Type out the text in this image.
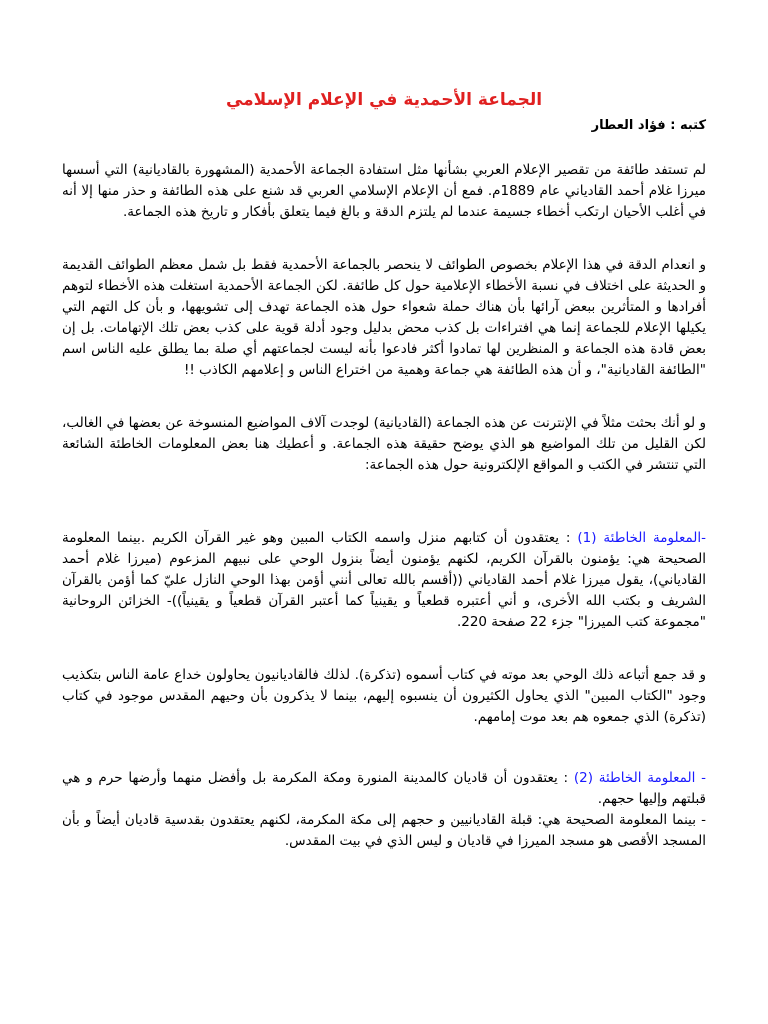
الجماعة الأحمدية في الإعلام الإسلامي
كتبه : فؤاد العطار

لم تستفد طائفة من تقصير الإعلام العربي بشأنها مثل استفادة الجماعة الأحمدية (المشهورة بالقاديانية) التي أسسها ميرزا غلام أحمد القادياني عام 1889م. فمع أن الإعلام الإسلامي العربي قد شنع على هذه الطائفة و حذر منها إلا أنه في أغلب الأحيان ارتكب أخطاء جسيمة عندما لم يلتزم الدقة و بالغ فيما يتعلق بأفكار و تاريخ هذه الجماعة.

و انعدام الدقة في هذا الإعلام بخصوص الطوائف لا ينحصر بالجماعة الأحمدية فقط بل شمل معظم الطوائف القديمة و الحديثة على اختلاف في نسبة الأخطاء الإعلامية حول كل طائفة. لكن الجماعة الأحمدية استغلت هذه الأخطاء لتوهم أفرادها و المتأثرين ببعض آرائها بأن هناك حملة شعواء حول هذه الجماعة تهدف إلى تشويهها، و بأن كل التهم التي يكيلها الإعلام للجماعة إنما هي افتراءات بل كذب محض بدليل وجود أدلة قوية على كذب بعض تلك الإتهامات. بل إن بعض قادة هذه الجماعة و المنظرين لها تمادوا أكثر فادعوا بأنه ليست لجماعتهم أي صلة بما يطلق عليه الناس اسم "الطائفة القاديانية"، و أن هذه الطائفة هي جماعة وهمية من اختراع الناس و إعلامهم الكاذب !!

و لو أنك بحثت مثلاً في الإنترنت عن هذه الجماعة (القاديانية) لوجدت آلاف المواضيع المنسوخة عن بعضها في الغالب، لكن القليل من تلك المواضيع هو الذي يوضح حقيقة هذه الجماعة. و أعطيك هنا بعض المعلومات الخاطئة الشائعة التي تنتشر في الكتب و المواقع الإلكترونية حول هذه الجماعة:

-المعلومة الخاطئة (1) : يعتقدون أن كتابهم منزل واسمه الكتاب المبين وهو غير القرآن الكريم .بينما المعلومة الصحيحة هي: يؤمنون بالقرآن الكريم، لكنهم يؤمنون أيضاً بنزول الوحي على نبيهم المزعوم (ميرزا غلام أحمد القادياني)، يقول ميرزا غلام أحمد القادياني ((أقسم بالله تعالى أنني أؤمن بهذا الوحي النازل عليّ كما أؤمن بالقرآن الشريف و بكتب الله الأخرى، و أني أعتبره قطعياً و يقينياً كما أعتبر القرآن قطعياً و يقينياً))- الخزائن الروحانية "مجموعة كتب الميرزا" جزء 22 صفحة 220.

و قد جمع أتباعه ذلك الوحي بعد موته في كتاب أسموه (تذكرة). لذلك فالقاديانيون يحاولون خداع عامة الناس بتكذيب وجود "الكتاب المبين" الذي يحاول الكثيرون أن ينسبوه إليهم، بينما لا يذكرون بأن وحيهم المقدس موجود في كتاب (تذكرة) الذي جمعوه هم بعد موت إمامهم.

- المعلومة الخاطئة (2) : يعتقدون أن قاديان كالمدينة المنورة ومكة المكرمة بل وأفضل منهما وأرضها حرم و هي قبلتهم وإليها حجهم.

- بينما المعلومة الصحيحة هي: قبلة القاديانيين و حجهم إلى مكة المكرمة، لكنهم يعتقدون بقدسية قاديان أيضاً و بأن المسجد الأقصى هو مسجد الميرزا في قاديان و ليس الذي في بيت المقدس.
